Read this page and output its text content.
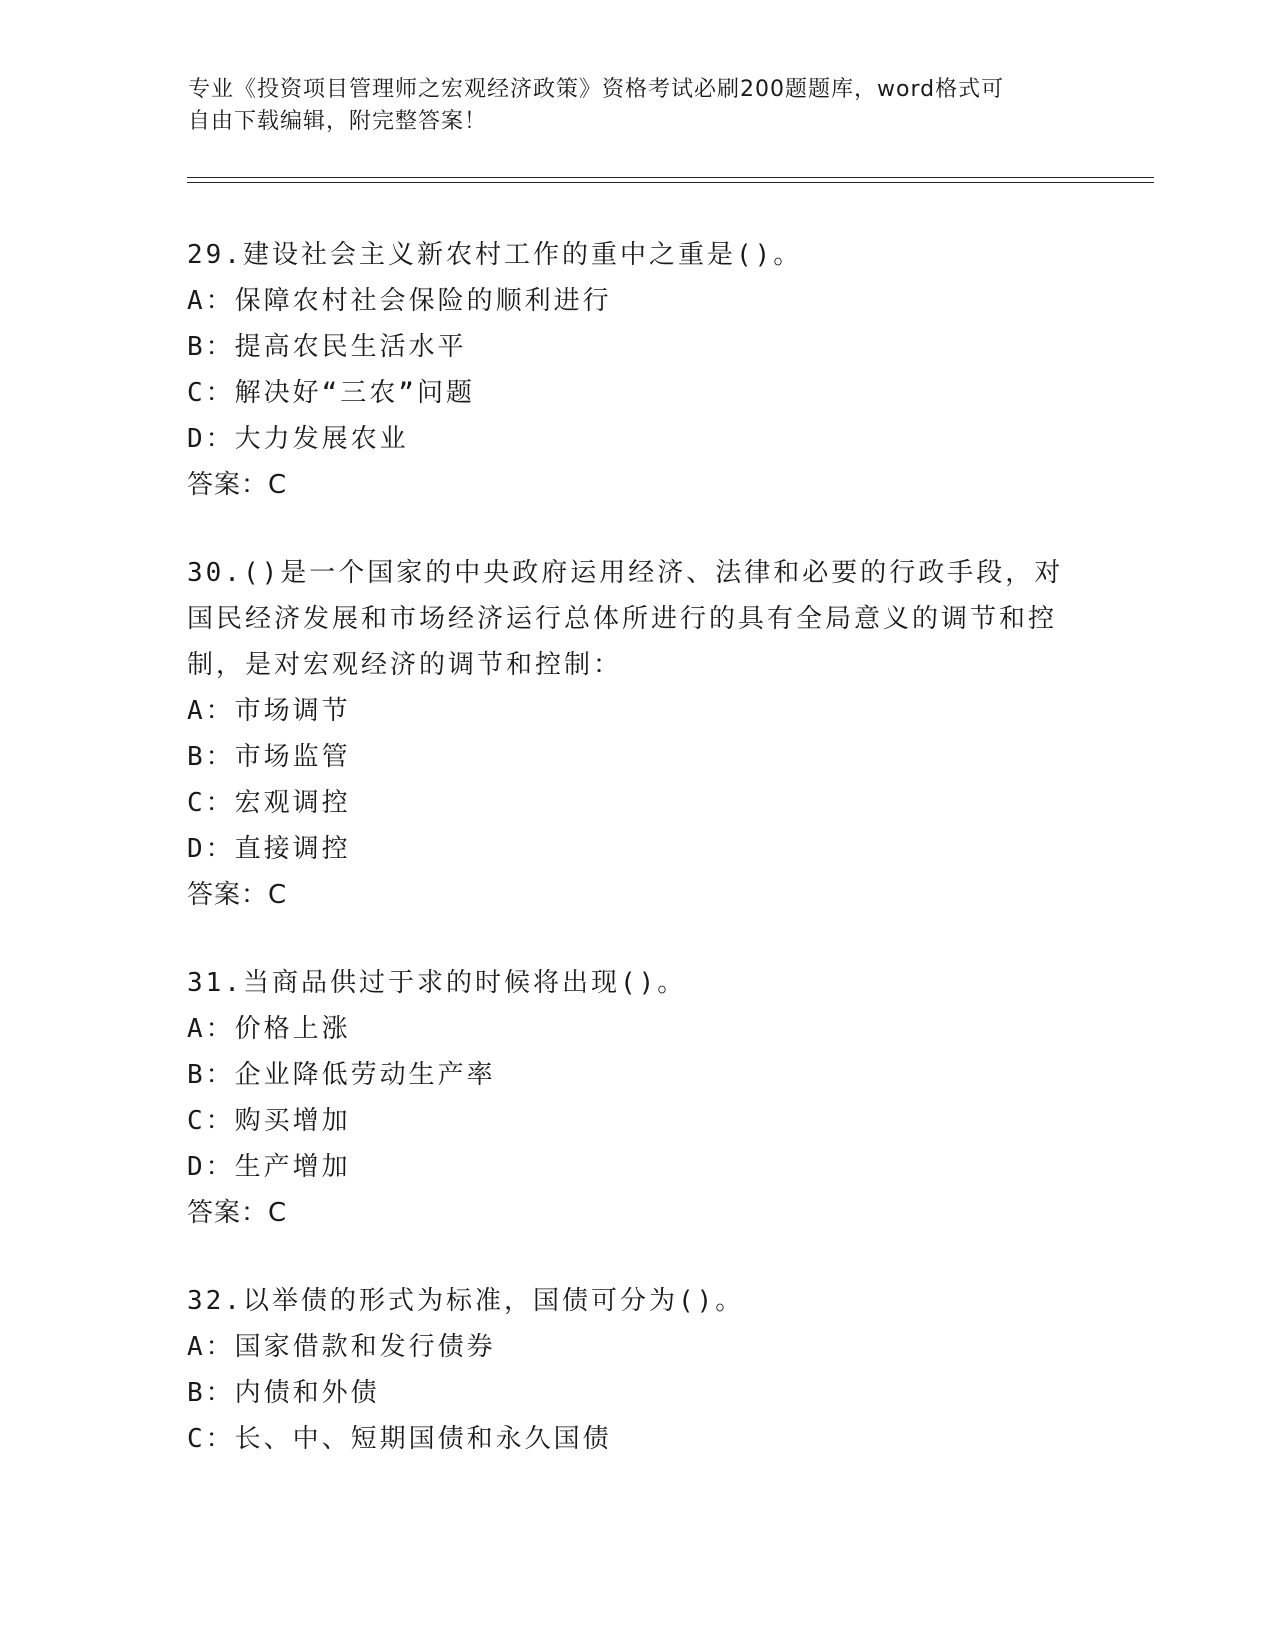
专业《投资项目管理师之宏观经济政策》资格考试必刷200题题库，word格式可
自由下载编辑，附完整答案！
29.建设社会主义新农村工作的重中之重是()。
A：保障农村社会保险的顺利进行
B：提高农民生活水平
C：解决好“三农”问题
D：大力发展农业
答案：C
30.()是一个国家的中央政府运用经济、法律和必要的行政手段，对国民经济发展和市场经济运行总体所进行的具有全局意义的调节和控制，是对宏观经济的调节和控制：
A：市场调节
B：市场监管
C：宏观调控
D：直接调控
答案：C
31.当商品供过于求的时候将出现()。
A：价格上涨
B：企业降低劳动生产率
C：购买增加
D：生产增加
答案：C
32.以举债的形式为标准，国债可分为()。
A：国家借款和发行债券
B：内债和外债
C：长、中、短期国债和永久国债
